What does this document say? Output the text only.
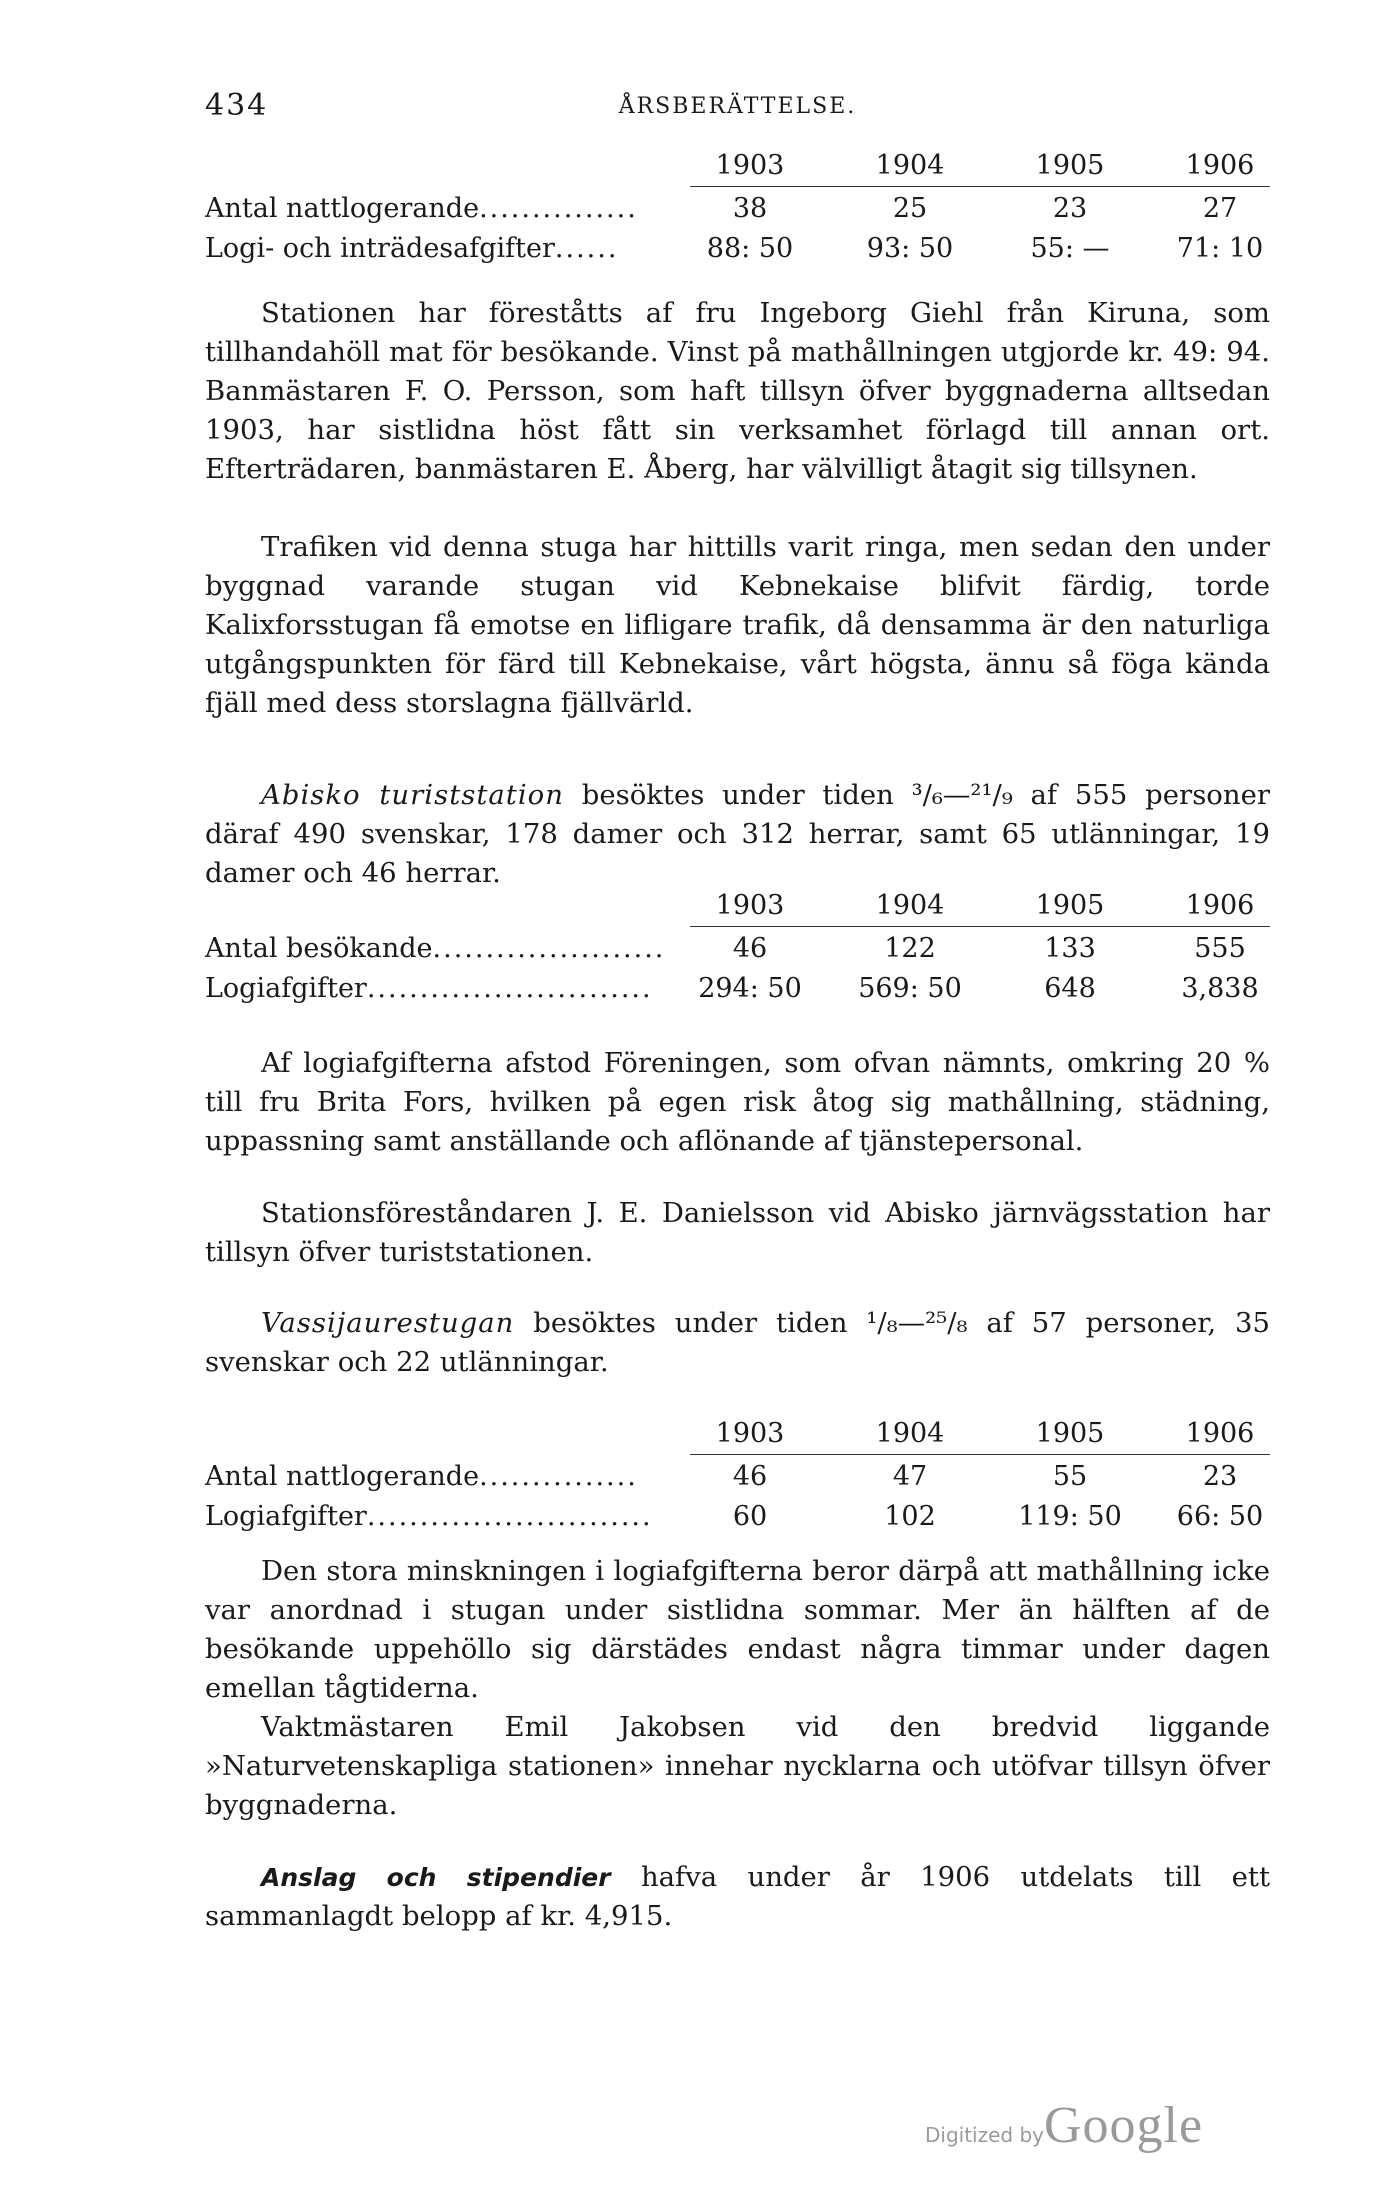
434	ÅRSBERÄTTELSE.
1903	1904	1905	1906
Antal nattlogerande...............	38	25	23	27
Logi- och inträdesafgifter......	88: 50	93: 50	55: —	71: 10

Stationen har föreståtts af fru Ingeborg Giehl från Kiruna, som tillhandahöll mat för besökande. Vinst på mathållningen utgjorde kr. 49: 94. Banmästaren F. O. Persson, som haft tillsyn öfver byggnaderna alltsedan 1903, har sistlidna höst fått sin verksamhet förlagd till annan ort. Efterträdaren, banmästaren E. Åberg, har välvilligt åtagit sig tillsynen.

Trafiken vid denna stuga har hittills varit ringa, men sedan den under byggnad varande stugan vid Kebnekaise blifvit färdig, torde Kalixforsstugan få emotse en lifligare trafik, då densamma är den naturliga utgångspunkten för färd till Kebnekaise, vårt högsta, ännu så föga kända fjäll med dess storslagna fjällvärld.

Abisko turiststation besöktes under tiden ³/₆—²¹/₉ af 555 personer däraf 490 svenskar, 178 damer och 312 herrar, samt 65 utlänningar, 19 damer och 46 herrar.

1903	1904	1905	1906
Antal besökande......................	46	122	133	555
Logiafgifter...........................	294: 50	569: 50	648	3,838

Af logiafgifterna afstod Föreningen, som ofvan nämnts, omkring 20 % till fru Brita Fors, hvilken på egen risk åtog sig mathållning, städning, uppassning samt anställande och aflönande af tjänstepersonal.

Stationsföreståndaren J. E. Danielsson vid Abisko järnvägsstation har tillsyn öfver turiststationen.

Vassijaurestugan besöktes under tiden ¹/₈—²⁵/₈ af 57 personer, 35 svenskar och 22 utlänningar.

1903	1904	1905	1906
Antal nattlogerande...............	46	47	55	23
Logiafgifter...........................	60	102	119: 50	66: 50

Den stora minskningen i logiafgifterna beror därpå att mathållning icke var anordnad i stugan under sistlidna sommar. Mer än hälften af de besökande uppehöllo sig därstädes endast några timmar under dagen emellan tågtiderna.

Vaktmästaren Emil Jakobsen vid den bredvid liggande »Naturvetenskapliga stationen» innehar nycklarna och utöfvar tillsyn öfver byggnaderna.

Anslag och stipendier hafva under år 1906 utdelats till ett sammanlagdt belopp af kr. 4,915.

Digitized byGoogle
